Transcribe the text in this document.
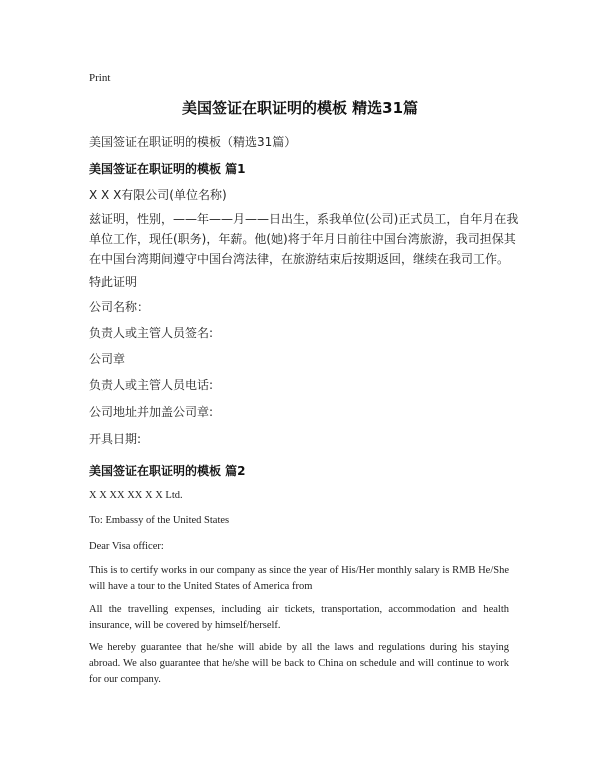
Print
美国签证在职证明的模板 精选31篇
美国签证在职证明的模板（精选31篇）
美国签证在职证明的模板 篇1
X X X有限公司(单位名称)
兹证明，性别，——年——月——日出生，系我单位(公司)正式员工，自年月在我单位工作，现任(职务)，年薪。他(她)将于年月日前往中国台湾旅游，我司担保其在中国台湾期间遵守中国台湾法律，在旅游结束后按期返回，继续在我司工作。
特此证明
公司名称：
负责人或主管人员签名:
公司章
负责人或主管人员电话:
公司地址并加盖公司章:
开具日期:
美国签证在职证明的模板 篇2
X X XX XX X X Ltd.
To: Embassy of the United States
Dear Visa officer:
This is to certify works in our company as since the year of His/Her monthly salary is RMB He/She will have a tour to the United States of America from
All the travelling expenses, including air tickets, transportation, accommodation and health insurance, will be covered by himself/herself.
We hereby guarantee that he/she will abide by all the laws and regulations during his staying abroad. We also guarantee that he/she will be back to China on schedule and will continue to work for our company.
